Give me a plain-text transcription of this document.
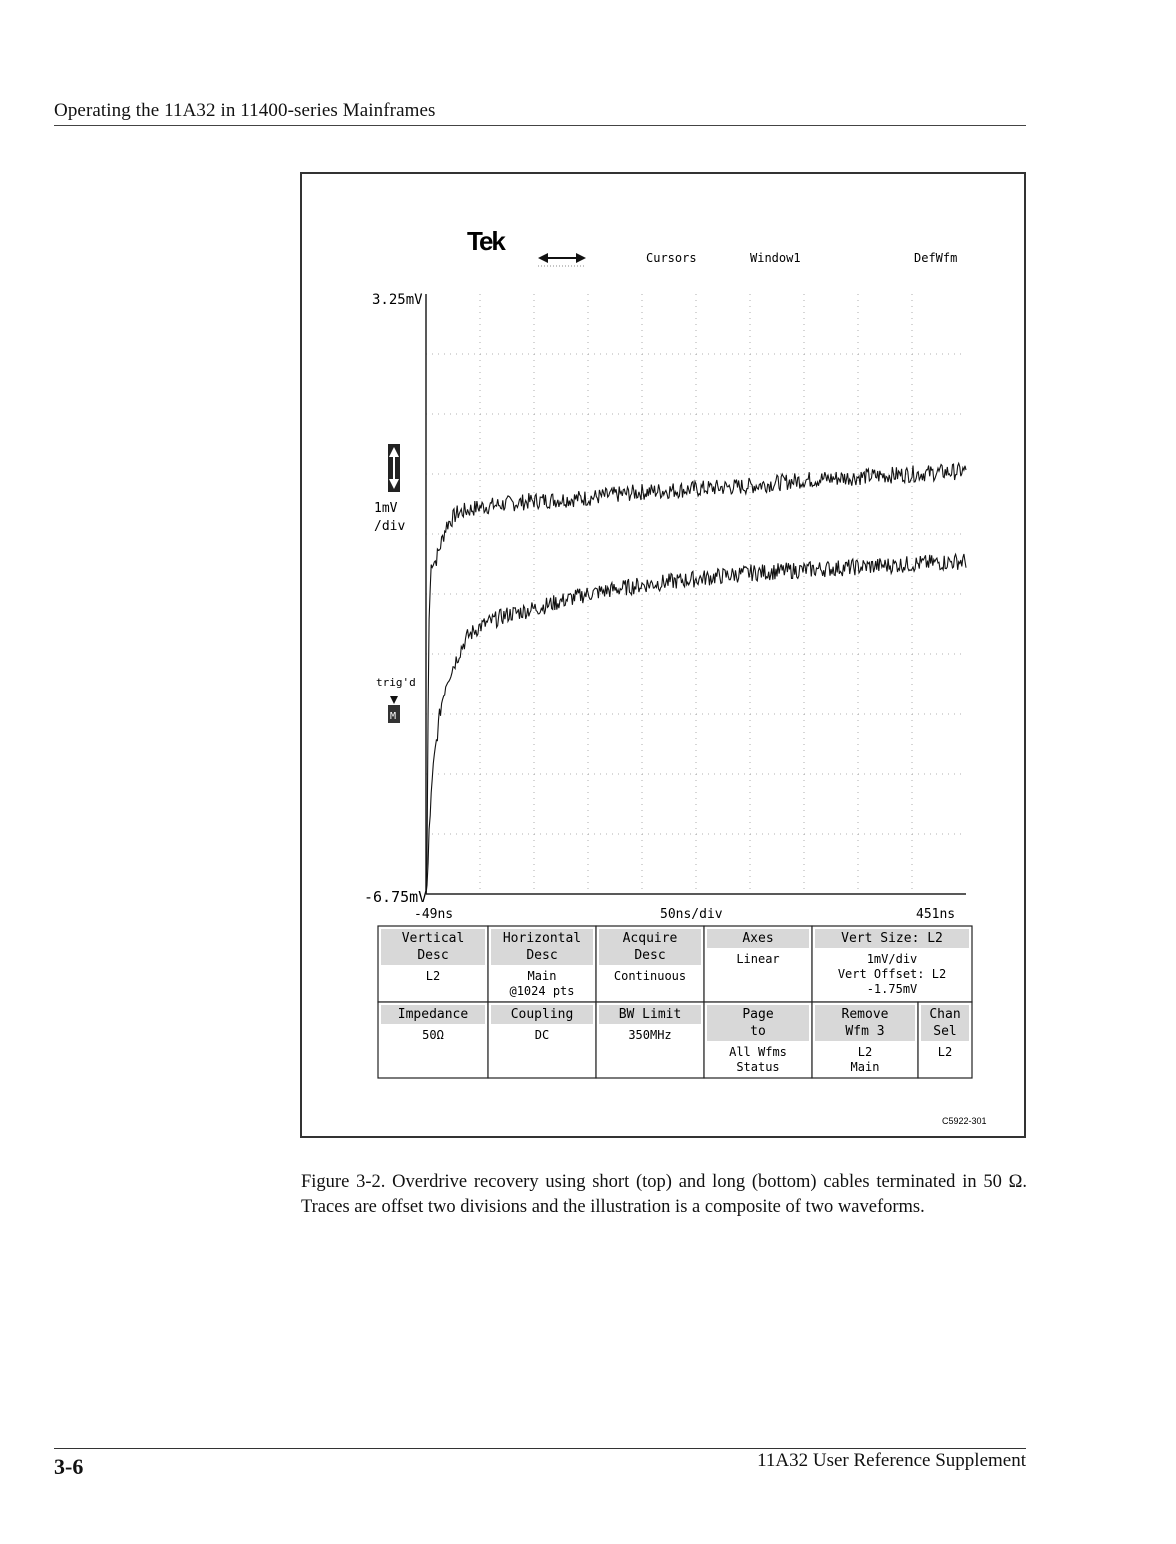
Operating the 11A32 in 11400-series Mainframes
Tek
Cursors	Window1	DefWfm
3.25mV
-6.75mV
1mV
/div
trig'd
M
-49ns	50ns/div	451ns
Vertical
Desc
L2
Horizontal
Desc
Main
@1024 pts
Acquire
Desc
Continuous
Axes
Linear
Vert Size: L2
1mV/div
Vert Offset: L2
-1.75mV
Impedance
50Ω
Coupling
DC
BW Limit
350MHz
Page
to
All Wfms
Status
Remove
Wfm 3
L2
Main
Chan
Sel
L2
C5922-301
Figure 3-2. Overdrive recovery using short (top) and long (bottom) cables terminated in 50 Ω. Traces are offset two divisions and the illustration is a composite of two waveforms.
3-6	11A32 User Reference Supplement
